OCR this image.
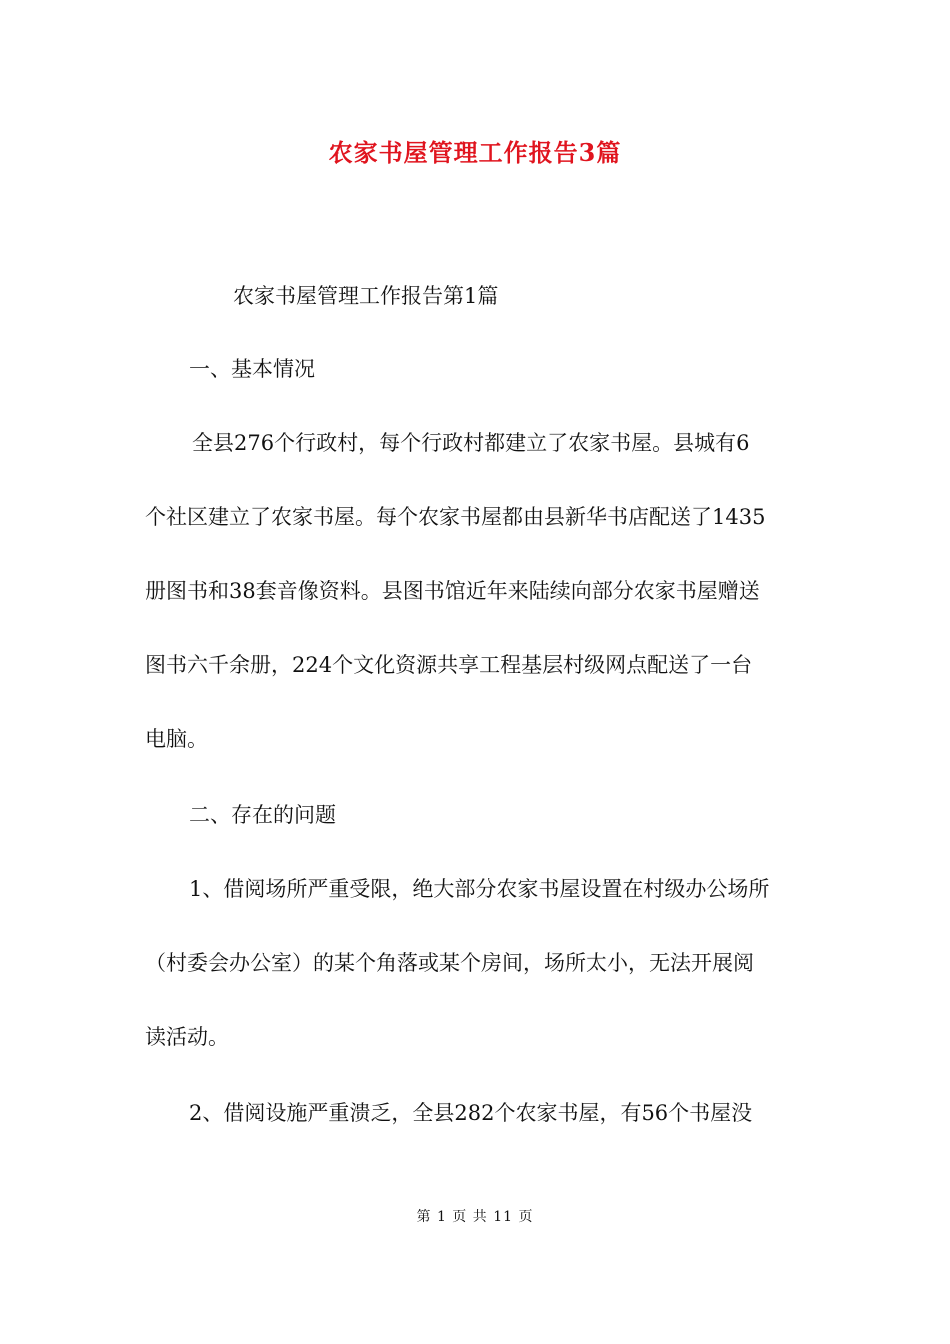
农家书屋管理工作报告3篇
农家书屋管理工作报告第1篇
一、基本情况
全县276个行政村，每个行政村都建立了农家书屋。县城有6
个社区建立了农家书屋。每个农家书屋都由县新华书店配送了1435
册图书和38套音像资料。县图书馆近年来陆续向部分农家书屋赠送
图书六千余册，224个文化资源共享工程基层村级网点配送了一台
电脑。
二、存在的问题
1、借阅场所严重受限，绝大部分农家书屋设置在村级办公场所
（村委会办公室）的某个角落或某个房间，场所太小，无法开展阅
读活动。
2、借阅设施严重溃乏，全县282个农家书屋，有56个书屋没
第 1 页 共 11 页
